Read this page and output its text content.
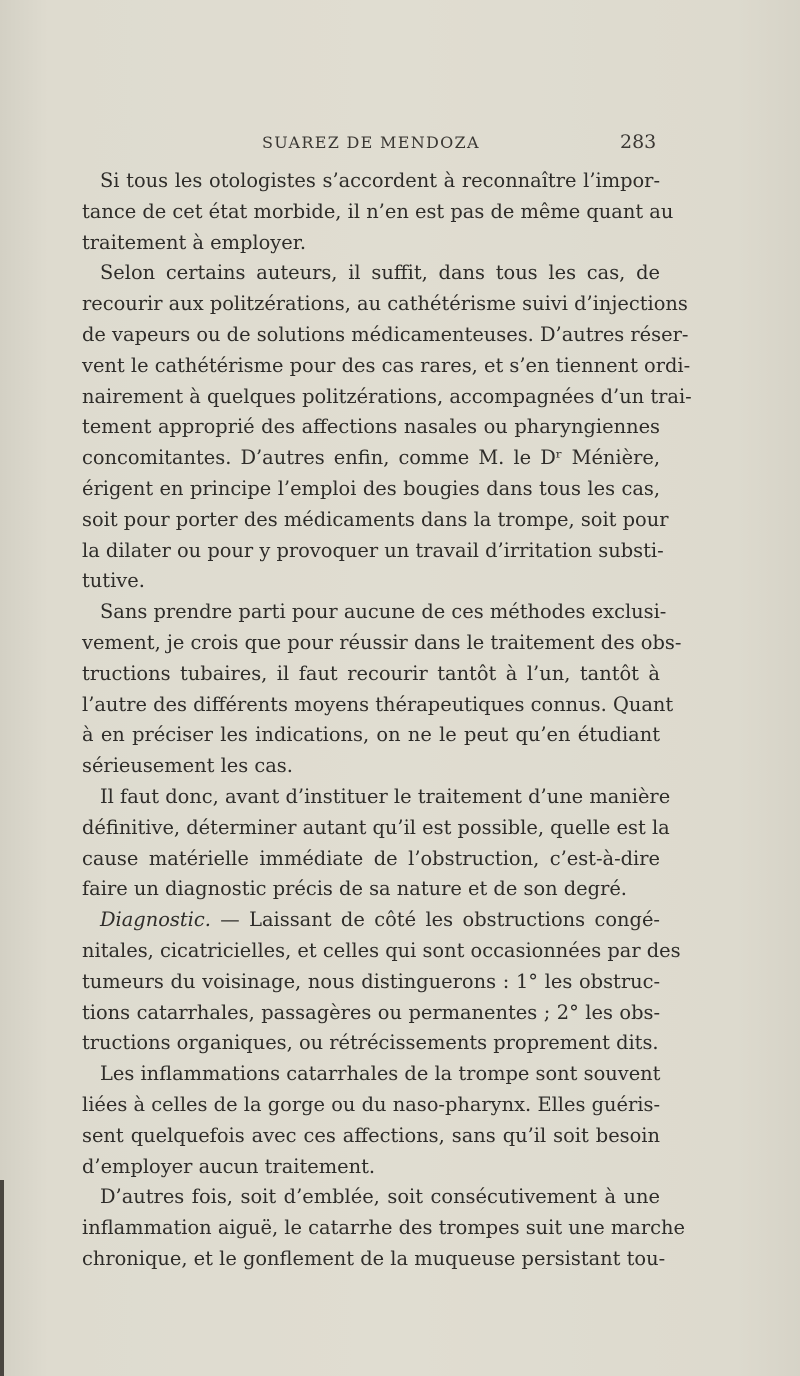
SUAREZ DE MENDOZA	283
Si tous les otologistes s’accordent à reconnaître l’impor-
tance de cet état morbide, il n’en est pas de même quant au
traitement à employer.
Selon certains auteurs, il suffit, dans tous les cas, de
recourir aux politzérations, au cathétérisme suivi d’injections
de vapeurs ou de solutions médicamenteuses. D’autres réser-
vent le cathétérisme pour des cas rares, et s’en tiennent ordi-
nairement à quelques politzérations, accompagnées d’un trai-
tement approprié des affections nasales ou pharyngiennes
concomitantes. D’autres enfin, comme M. le Dʳ Ménière,
érigent en principe l’emploi des bougies dans tous les cas,
soit pour porter des médicaments dans la trompe, soit pour
la dilater ou pour y provoquer un travail d’irritation substi-
tutive.
Sans prendre parti pour aucune de ces méthodes exclusi-
vement, je crois que pour réussir dans le traitement des obs-
tructions tubaires, il faut recourir tantôt à l’un, tantôt à
l’autre des différents moyens thérapeutiques connus. Quant
à en préciser les indications, on ne le peut qu’en étudiant
sérieusement les cas.
Il faut donc, avant d’instituer le traitement d’une manière
définitive, déterminer autant qu’il est possible, quelle est la
cause matérielle immédiate de l’obstruction, c’est-à-dire
faire un diagnostic précis de sa nature et de son degré.
Diagnostic. — Laissant de côté les obstructions congé-
nitales, cicatricielles, et celles qui sont occasionnées par des
tumeurs du voisinage, nous distinguerons : 1° les obstruc-
tions catarrhales, passagères ou permanentes ; 2° les obs-
tructions organiques, ou rétrécissements proprement dits.
Les inflammations catarrhales de la trompe sont souvent
liées à celles de la gorge ou du naso-pharynx. Elles guéris-
sent quelquefois avec ces affections, sans qu’il soit besoin
d’employer aucun traitement.
D’autres fois, soit d’emblée, soit consécutivement à une
inflammation aiguë, le catarrhe des trompes suit une marche
chronique, et le gonflement de la muqueuse persistant tou-
